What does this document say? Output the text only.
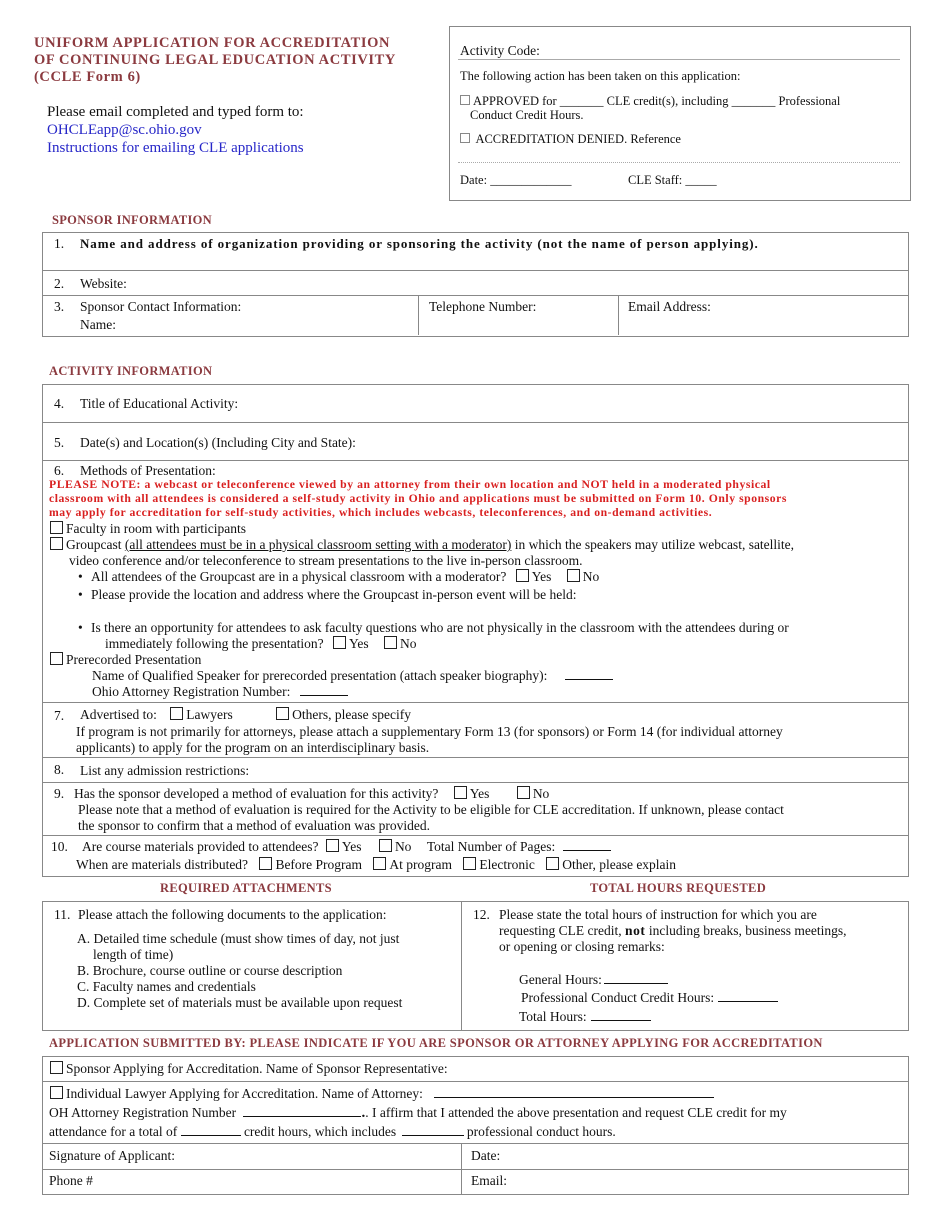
UNIFORM APPLICATION FOR ACCREDITATION
OF CONTINUING LEGAL EDUCATION ACTIVITY
(CCLE Form 6)
Please email completed and typed form to:
OHCLEapp@sc.ohio.gov
Instructions for emailing CLE applications
Activity Code:
The following action has been taken on this application:
APPROVED for _______ CLE credit(s), including _______ Professional
Conduct Credit Hours.
ACCREDITATION DENIED. Reference
Date: _____________	CLE Staff: _____
SPONSOR INFORMATION
1. Name and address of organization providing or sponsoring the activity (not the name of person applying).
2. Website:
3. Sponsor Contact Information:
Name:
Telephone Number:	Email Address:
ACTIVITY INFORMATION
4. Title of Educational Activity:
5. Date(s) and Location(s) (Including City and State):
6. Methods of Presentation:
PLEASE NOTE: a webcast or teleconference viewed by an attorney from their own location and NOT held in a moderated physical
classroom with all attendees is considered a self-study activity in Ohio and applications must be submitted on Form 10. Only sponsors
may apply for accreditation for self-study activities, which includes webcasts, teleconferences, and on-demand activities.
Faculty in room with participants
Groupcast (all attendees must be in a physical classroom setting with a moderator) in which the speakers may utilize webcast, satellite,
video conference and/or teleconference to stream presentations to the live in-person classroom.
• All attendees of the Groupcast are in a physical classroom with a moderator? Yes No
• Please provide the location and address where the Groupcast in-person event will be held:
• Is there an opportunity for attendees to ask faculty questions who are not physically in the classroom with the attendees during or
immediately following the presentation? Yes No
Prerecorded Presentation
Name of Qualified Speaker for prerecorded presentation (attach speaker biography):
Ohio Attorney Registration Number:
7. Advertised to: Lawyers	Others, please specify
If program is not primarily for attorneys, please attach a supplementary Form 13 (for sponsors) or Form 14 (for individual attorney
applicants) to apply for the program on an interdisciplinary basis.
8. List any admission restrictions:
9. Has the sponsor developed a method of evaluation for this activity? Yes	No
Please note that a method of evaluation is required for the Activity to be eligible for CLE accreditation. If unknown, please contact
the sponsor to confirm that a method of evaluation was provided.
10. Are course materials provided to attendees? Yes No Total Number of Pages:
When are materials distributed? Before Program At program Electronic Other, please explain
REQUIRED ATTACHMENTS	TOTAL HOURS REQUESTED
11. Please attach the following documents to the application:
A. Detailed time schedule (must show times of day, not just
length of time)
B. Brochure, course outline or course description
C. Faculty names and credentials
D. Complete set of materials must be available upon request
12. Please state the total hours of instruction for which you are
requesting CLE credit, not including breaks, business meetings,
or opening or closing remarks:
General Hours:
Professional Conduct Credit Hours:
Total Hours:
APPLICATION SUBMITTED BY: PLEASE INDICATE IF YOU ARE SPONSOR OR ATTORNEY APPLYING FOR ACCREDITATION
Sponsor Applying for Accreditation. Name of Sponsor Representative:
Individual Lawyer Applying for Accreditation. Name of Attorney:
OH Attorney Registration Number	.. I affirm that I attended the above presentation and request CLE credit for my
attendance for a total of	credit hours, which includes	professional conduct hours.
Signature of Applicant:	Date:
Phone #	Email:
